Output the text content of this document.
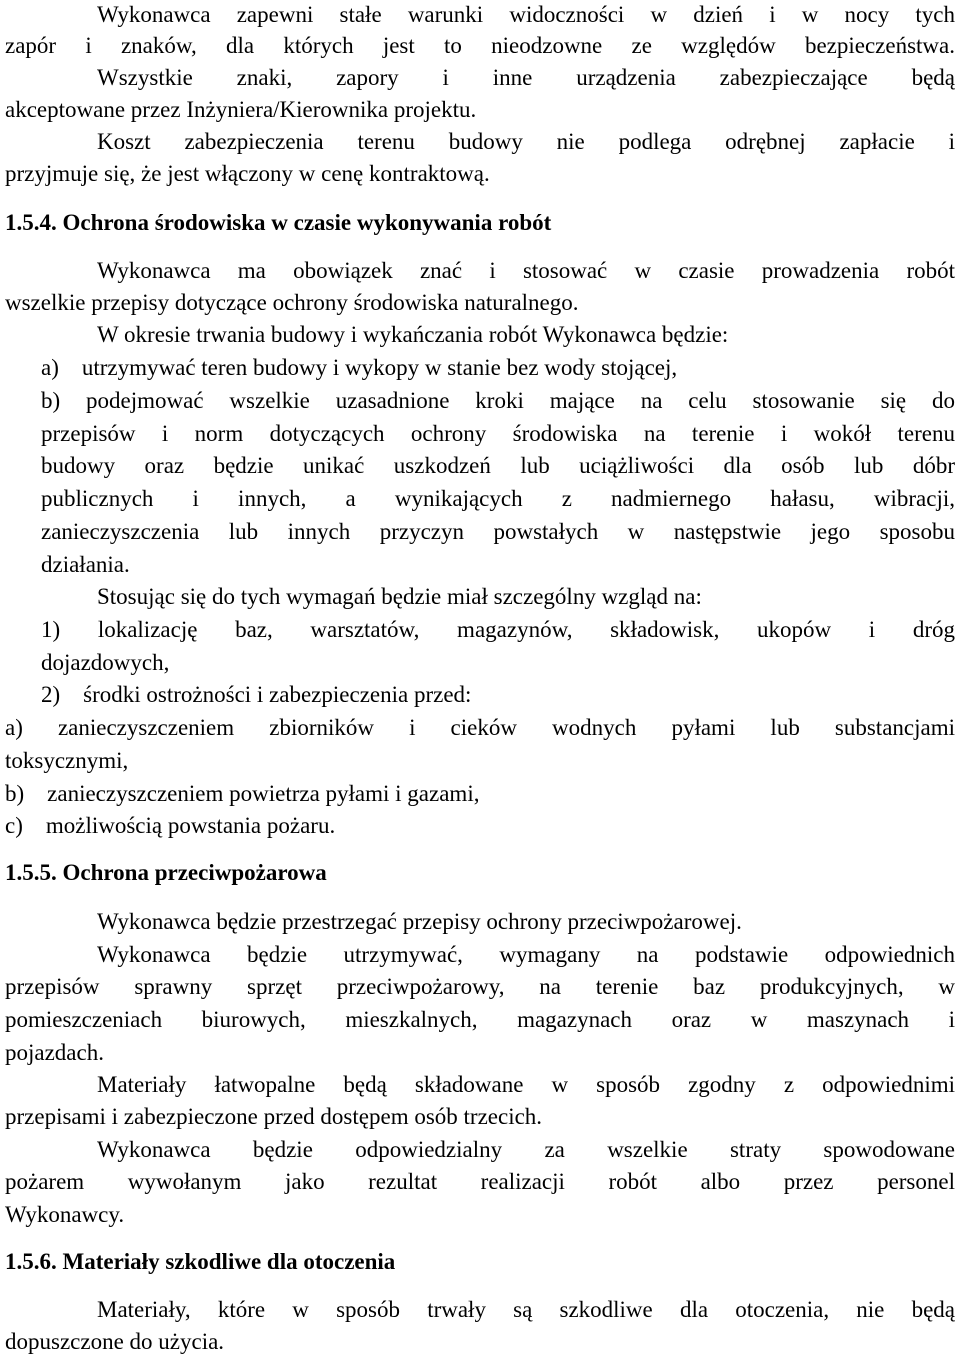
Wykonawca zapewni stałe warunki widoczności w dzień i w nocy tych
zapór i znaków, dla których jest to nieodzowne ze względów bezpieczeństwa.
Wszystkie znaki, zapory i inne urządzenia zabezpieczające będą
akceptowane przez Inżyniera/Kierownika projektu.
Koszt zabezpieczenia terenu budowy nie podlega odrębnej zapłacie i
przyjmuje się, że jest włączony w cenę kontraktową.
1.5.4. Ochrona środowiska w czasie wykonywania robót
Wykonawca ma obowiązek znać i stosować w czasie prowadzenia robót
wszelkie przepisy dotyczące ochrony środowiska naturalnego.
W okresie trwania budowy i wykańczania robót Wykonawca będzie:
a)    utrzymywać teren budowy i wykopy w stanie bez wody stojącej,
b) podejmować wszelkie uzasadnione kroki mające na celu stosowanie się do
przepisów i norm dotyczących ochrony środowiska na terenie i wokół terenu
budowy oraz będzie unikać uszkodzeń lub uciążliwości dla osób lub dóbr
publicznych i innych, a wynikających z nadmiernego hałasu, wibracji,
zanieczyszczenia lub innych przyczyn powstałych w następstwie jego sposobu
działania.
Stosując się do tych wymagań będzie miał szczególny wzgląd na:
1) lokalizację baz, warsztatów, magazynów, składowisk, ukopów i dróg
dojazdowych,
2)    środki ostrożności i zabezpieczenia przed:
a) zanieczyszczeniem zbiorników i cieków wodnych pyłami lub substancjami
toksycznymi,
b)    zanieczyszczeniem powietrza pyłami i gazami,
c)    możliwością powstania pożaru.
1.5.5. Ochrona przeciwpożarowa
Wykonawca będzie przestrzegać przepisy ochrony przeciwpożarowej.
Wykonawca będzie utrzymywać, wymagany na podstawie odpowiednich
przepisów sprawny sprzęt przeciwpożarowy, na terenie baz produkcyjnych, w
pomieszczeniach biurowych, mieszkalnych, magazynach oraz w maszynach i
pojazdach.
Materiały łatwopalne będą składowane w sposób zgodny z odpowiednimi
przepisami i zabezpieczone przed dostępem osób trzecich.
Wykonawca będzie odpowiedzialny za wszelkie straty spowodowane
pożarem wywołanym jako rezultat realizacji robót albo przez personel
Wykonawcy.
1.5.6. Materiały szkodliwe dla otoczenia
Materiały, które w sposób trwały są szkodliwe dla otoczenia, nie będą
dopuszczone do użycia.
